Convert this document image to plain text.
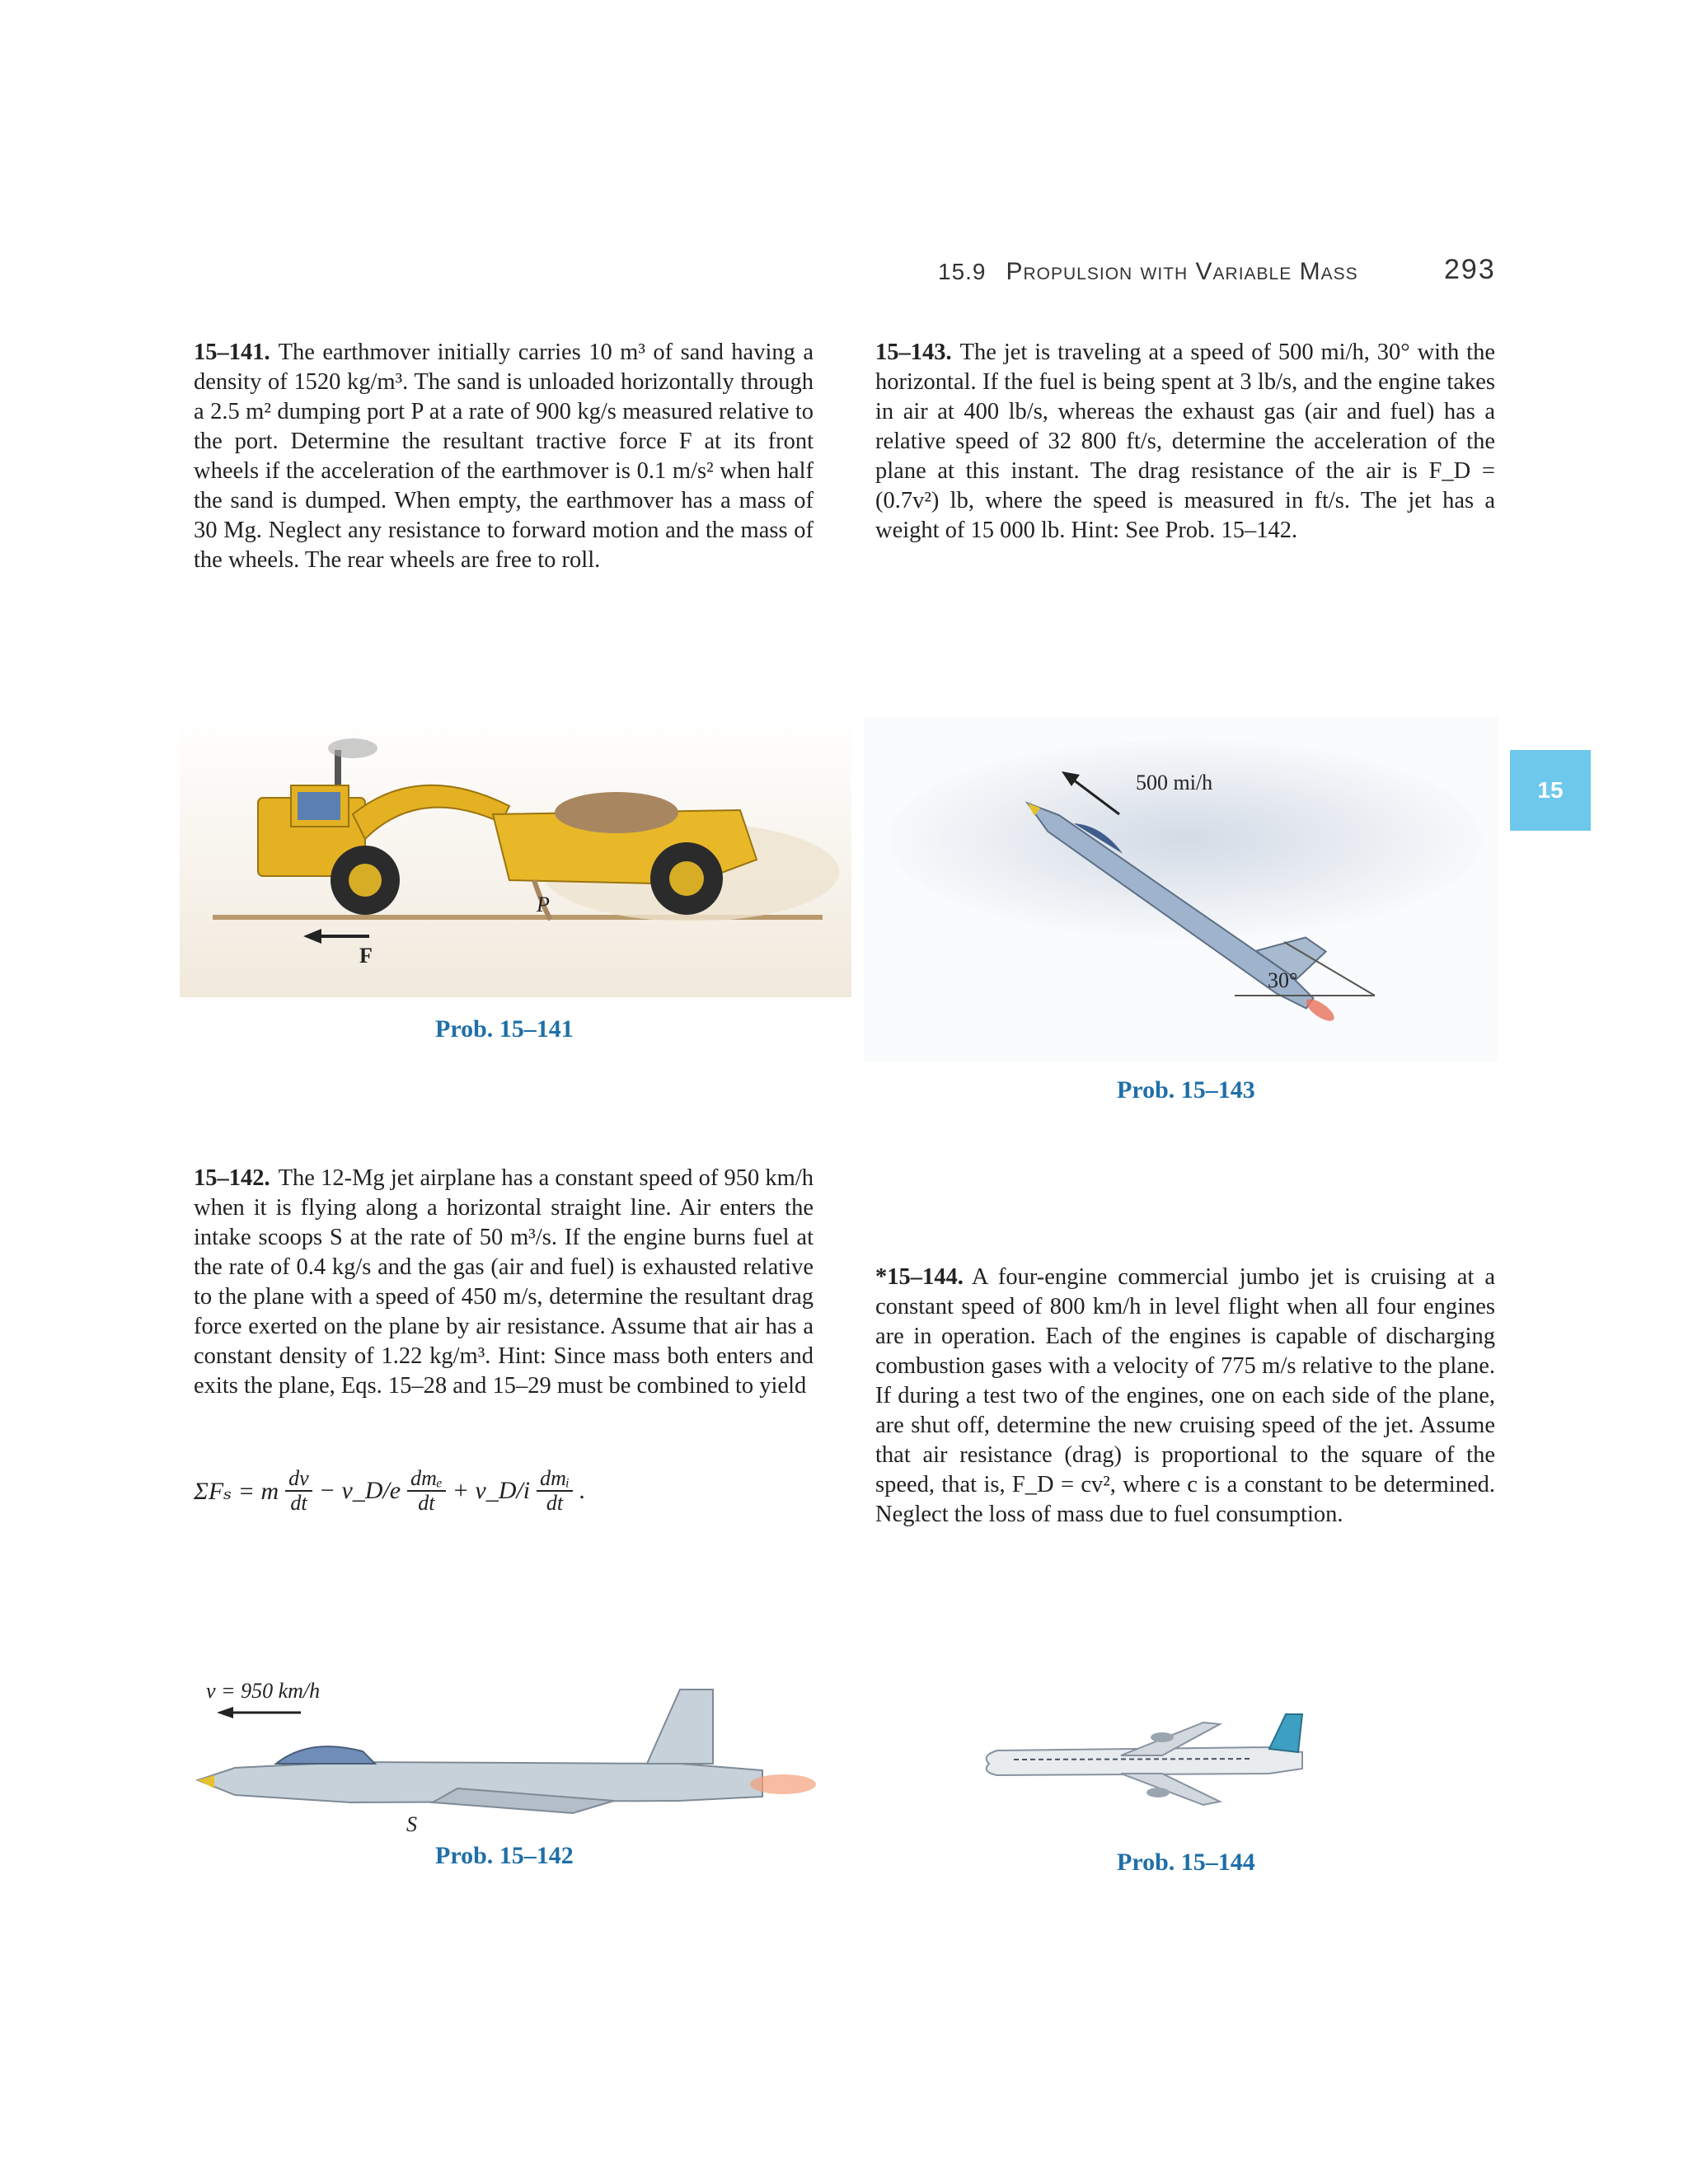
15.9 Propulsion with Variable Mass	293
15
15–141. The earthmover initially carries 10 m³ of sand having a density of 1520 kg/m³. The sand is unloaded horizontally through a 2.5 m² dumping port P at a rate of 900 kg/s measured relative to the port. Determine the resultant tractive force F at its front wheels if the acceleration of the earthmover is 0.1 m/s² when half the sand is dumped. When empty, the earthmover has a mass of 30 Mg. Neglect any resistance to forward motion and the mass of the wheels. The rear wheels are free to roll.
F
P
Prob. 15–141
15–142. The 12-Mg jet airplane has a constant speed of 950 km/h when it is flying along a horizontal straight line. Air enters the intake scoops S at the rate of 50 m³/s. If the engine burns fuel at the rate of 0.4 kg/s and the gas (air and fuel) is exhausted relative to the plane with a speed of 450 m/s, determine the resultant drag force exerted on the plane by air resistance. Assume that air has a constant density of 1.22 kg/m³. Hint: Since mass both enters and exits the plane, Eqs. 15–28 and 15–29 must be combined to yield
ΣFₛ = m $\frac{dv}{dt}$ − v_D/e $\frac{\text{dmₑ}}{dt}$ + v_D/i $\frac{\text{dmᵢ}}{dt}$ .
v = 950 km/h
S
Prob. 15–142
15–143. The jet is traveling at a speed of 500 mi/h, 30° with the horizontal. If the fuel is being spent at 3 lb/s, and the engine takes in air at 400 lb/s, whereas the exhaust gas (air and fuel) has a relative speed of 32 800 ft/s, determine the acceleration of the plane at this instant. The drag resistance of the air is F_D = (0.7v²) lb, where the speed is measured in ft/s. The jet has a weight of 15 000 lb. Hint: See Prob. 15–142.
500 mi/h
30°
Prob. 15–143
*15–144. A four-engine commercial jumbo jet is cruising at a constant speed of 800 km/h in level flight when all four engines are in operation. Each of the engines is capable of discharging combustion gases with a velocity of 775 m/s relative to the plane. If during a test two of the engines, one on each side of the plane, are shut off, determine the new cruising speed of the jet. Assume that air resistance (drag) is proportional to the square of the speed, that is, F_D = cv², where c is a constant to be determined. Neglect the loss of mass due to fuel consumption.
Prob. 15–144
